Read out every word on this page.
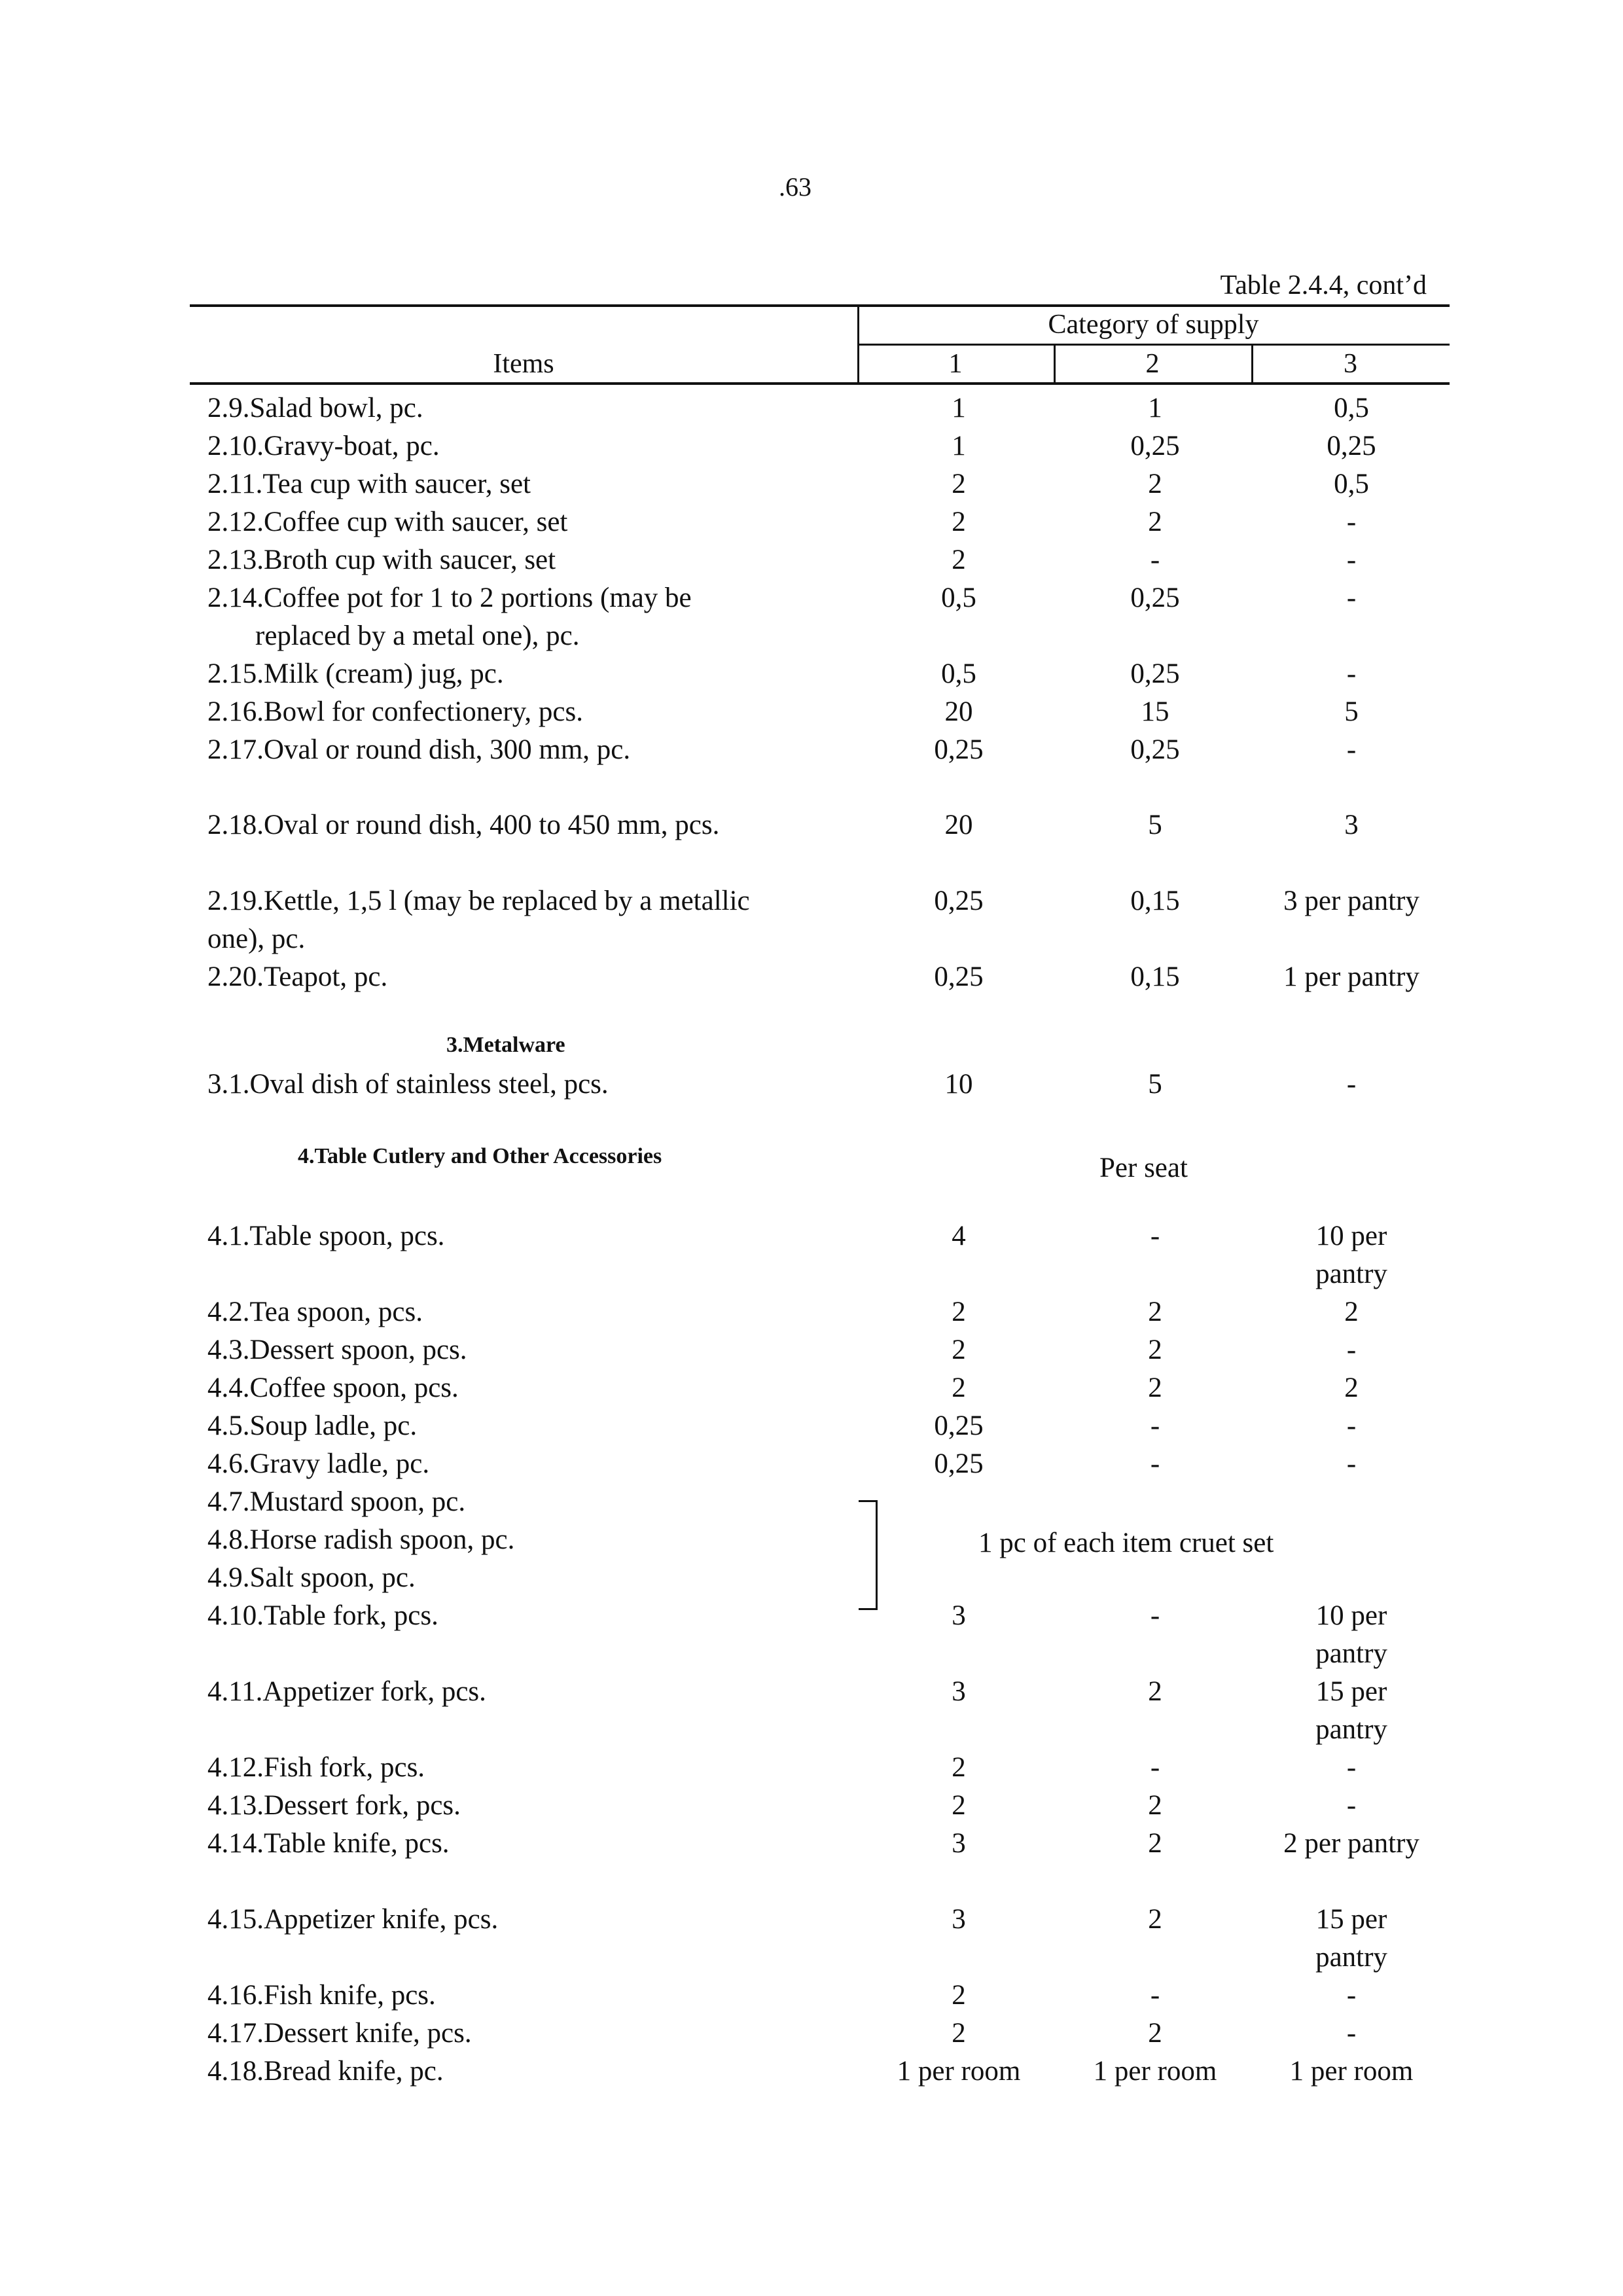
.63
Table 2.4.4, cont’d
Items
Category of supply
1	2	3
2.9.Salad bowl, pc.	1	1	0,5
2.10.Gravy-boat, pc.	1	0,25	0,25
2.11.Tea cup with saucer, set	2	2	0,5
2.12.Coffee cup with saucer, set	2	2	-
2.13.Broth cup with saucer, set	2	-	-
2.14.Coffee pot for 1 to 2 portions (may be	0,5	0,25	-
replaced by a metal one), pc.
2.15.Milk (cream) jug, pc.	0,5	0,25	-
2.16.Bowl for confectionery, pcs.	20	15	5
2.17.Oval or round dish, 300 mm, pc.	0,25	0,25	-
2.18.Oval or round dish, 400 to 450 mm, pcs.	20	5	3
2.19.Kettle, 1,5 l (may be replaced by a metallic	0,25	0,15	3 per pantry
one), pc.
2.20.Teapot, pc.	0,25	0,15	1 per pantry
3.Metalware
3.1.Oval dish of stainless steel, pcs.	10	5	-
4.Table Cutlery and Other Accessories	Per seat
4.1.Table spoon, pcs.	4	-	10 per
pantry
4.2.Tea spoon, pcs.	2	2	2
4.3.Dessert spoon, pcs.	2	2	-
4.4.Coffee spoon, pcs.	2	2	2
4.5.Soup ladle, pc.	0,25	-	-
4.6.Gravy ladle, pc.	0,25	-	-
4.7.Mustard spoon, pc.
4.8.Horse radish spoon, pc.
4.9.Salt spoon, pc.
1 pc of each item cruet set
4.10.Table fork, pcs.	3	-	10 per
pantry
4.11.Appetizer fork, pcs.	3	2	15 per
pantry
4.12.Fish fork, pcs.	2	-	-
4.13.Dessert fork, pcs.	2	2	-
4.14.Table knife, pcs.	3	2	2 per pantry
4.15.Appetizer knife, pcs.	3	2	15 per
pantry
4.16.Fish knife, pcs.	2	-	-
4.17.Dessert knife, pcs.	2	2	-
4.18.Bread knife, pc.	1 per room	1 per room	1 per room
